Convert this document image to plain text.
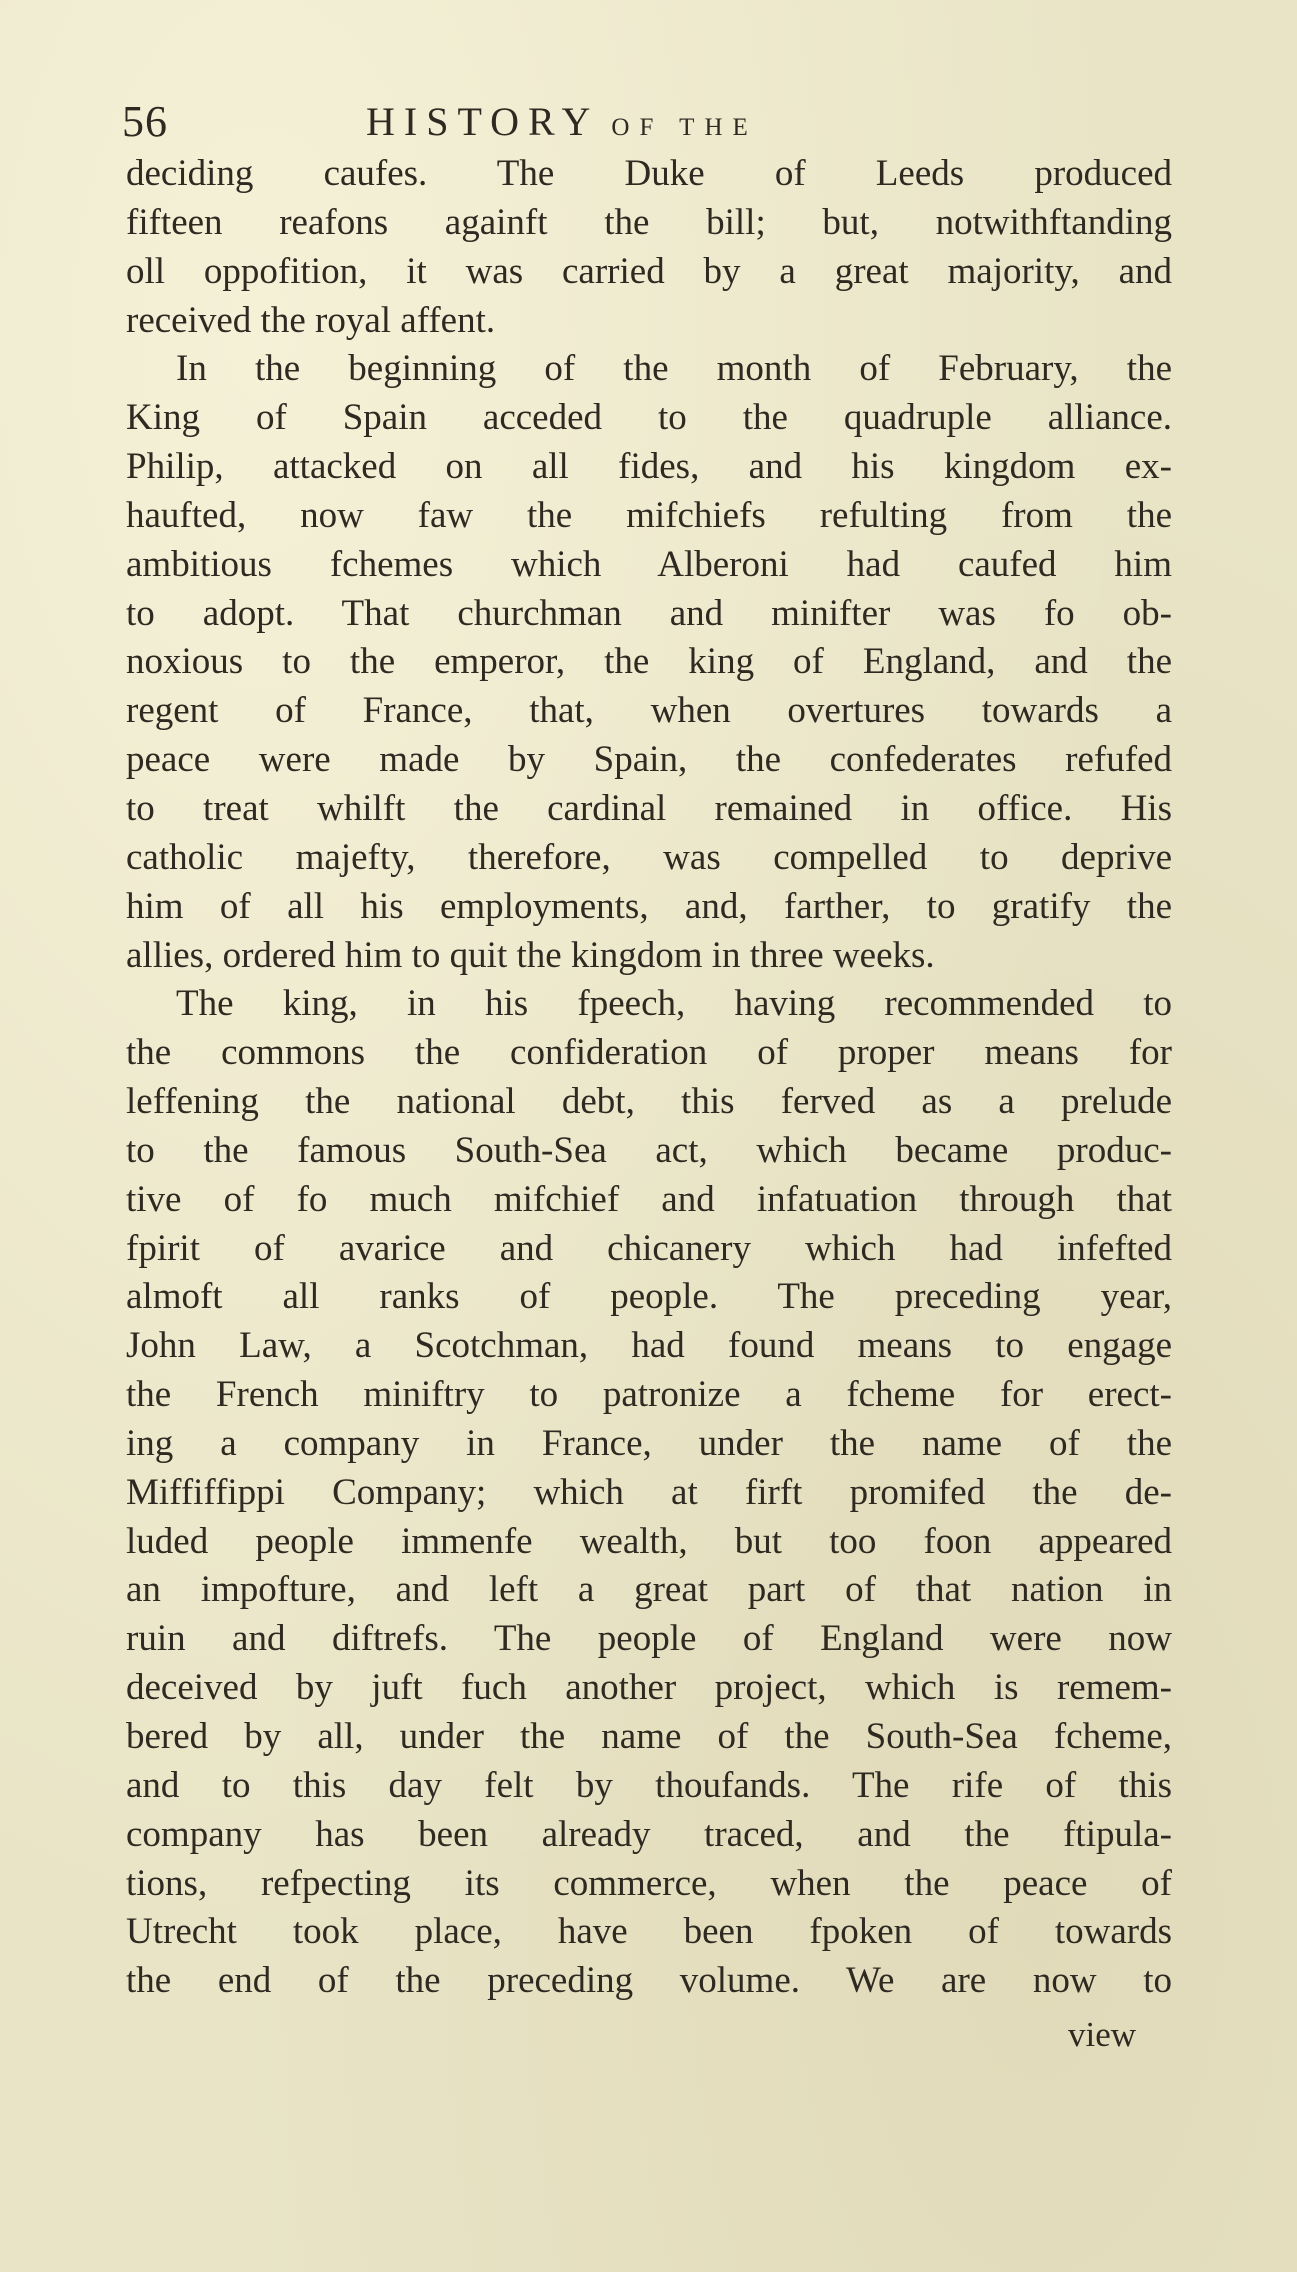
56	HISTORY OF THE
deciding caufes. The Duke of Leeds produced
fifteen reafons againft the bill; but, notwithftanding
oll oppofition, it was carried by a great majority, and
received the royal affent.
In the beginning of the month of February, the
King of Spain acceded to the quadruple alliance.
Philip, attacked on all fides, and his kingdom ex-
haufted, now faw the mifchiefs refulting from the
ambitious fchemes which Alberoni had caufed him
to adopt. That churchman and minifter was fo ob-
noxious to the emperor, the king of England, and the
regent of France, that, when overtures towards a
peace were made by Spain, the confederates refufed
to treat whilft the cardinal remained in office. His
catholic majefty, therefore, was compelled to deprive
him of all his employments, and, farther, to gratify the
allies, ordered him to quit the kingdom in three weeks.
The king, in his fpeech, having recommended to
the commons the confideration of proper means for
leffening the national debt, this ferved as a prelude
to the famous South-Sea act, which became produc-
tive of fo much mifchief and infatuation through that
fpirit of avarice and chicanery which had infefted
almoft all ranks of people. The preceding year,
John Law, a Scotchman, had found means to engage
the French miniftry to patronize a fcheme for erect-
ing a company in France, under the name of the
Miffiffippi Company; which at firft promifed the de-
luded people immenfe wealth, but too foon appeared
an impofture, and left a great part of that nation in
ruin and diftrefs. The people of England were now
deceived by juft fuch another project, which is remem-
bered by all, under the name of the South-Sea fcheme,
and to this day felt by thoufands. The rife of this
company has been already traced, and the ftipula-
tions, refpecting its commerce, when the peace of
Utrecht took place, have been fpoken of towards
the end of the preceding volume. We are now to
view
